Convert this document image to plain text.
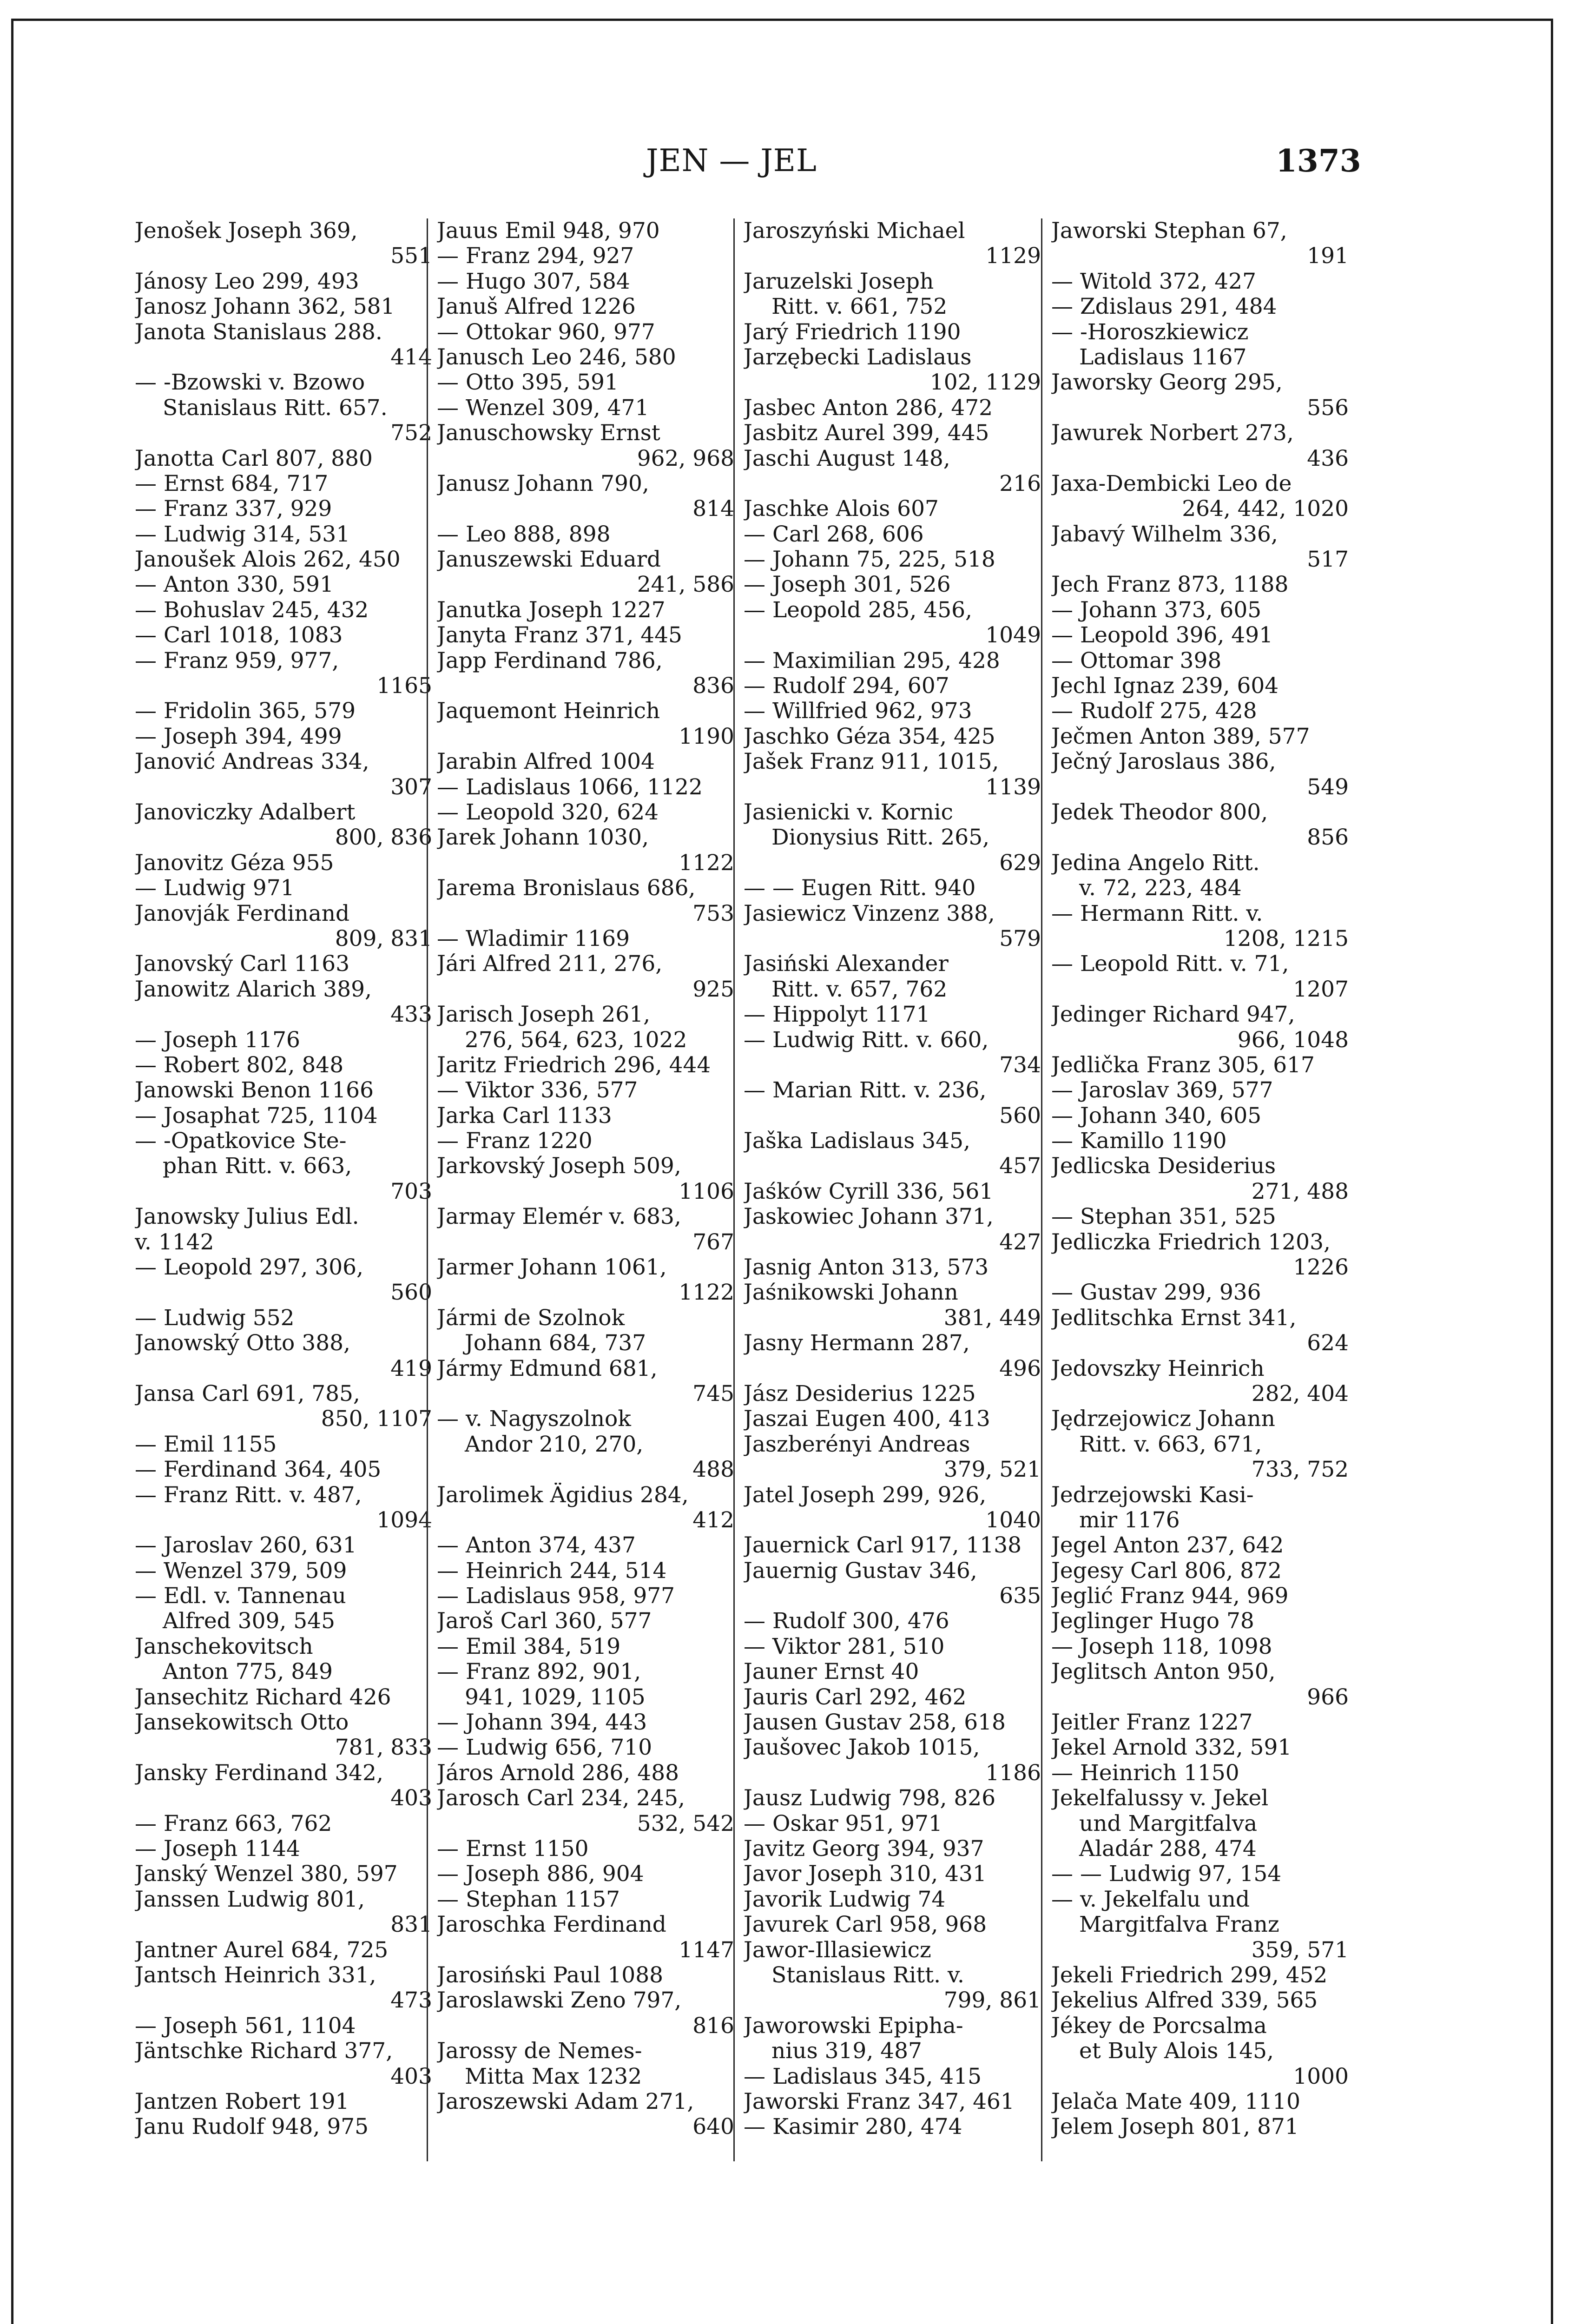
JEN — JEL	1373
Jenošek Joseph 369,
551
Jánosy Leo 299, 493
Janosz Johann 362, 581
Janota Stanislaus 288.
414
— -Bzowski v. Bzowo
Stanislaus Ritt. 657.
752
Janotta Carl 807, 880
— Ernst 684, 717
— Franz 337, 929
— Ludwig 314, 531
Janoušek Alois 262, 450
— Anton 330, 591
— Bohuslav 245, 432
— Carl 1018, 1083
— Franz 959, 977,
1165
— Fridolin 365, 579
— Joseph 394, 499
Janović Andreas 334,
307
Janoviczky Adalbert
800, 836
Janovitz Géza 955
— Ludwig 971
Janovják Ferdinand
809, 831
Janovský Carl 1163
Janowitz Alarich 389,
433
— Joseph 1176
— Robert 802, 848
Janowski Benon 1166
— Josaphat 725, 1104
— -Opatkovice Ste-
phan Ritt. v. 663,
703
Janowsky Julius Edl.
v. 1142
— Leopold 297, 306,
560
— Ludwig 552
Janowský Otto 388,
419
Jansa Carl 691, 785,
850, 1107
— Emil 1155
— Ferdinand 364, 405
— Franz Ritt. v. 487,
1094
— Jaroslav 260, 631
— Wenzel 379, 509
— Edl. v. Tannenau
Alfred 309, 545
Janschekovitsch
Anton 775, 849
Jansechitz Richard 426
Jansekowitsch Otto
781, 833
Jansky Ferdinand 342,
403
— Franz 663, 762
— Joseph 1144
Janský Wenzel 380, 597
Janssen Ludwig 801,
831
Jantner Aurel 684, 725
Jantsch Heinrich 331,
473
— Joseph 561, 1104
Jäntschke Richard 377,
403
Jantzen Robert 191
Janu Rudolf 948, 975
Jauus Emil 948, 970
— Franz 294, 927
— Hugo 307, 584
Januš Alfred 1226
— Ottokar 960, 977
Janusch Leo 246, 580
— Otto 395, 591
— Wenzel 309, 471
Januschowsky Ernst
962, 968
Janusz Johann 790,
814
— Leo 888, 898
Januszewski Eduard
241, 586
Janutka Joseph 1227
Janyta Franz 371, 445
Japp Ferdinand 786,
836
Jaquemont Heinrich
1190
Jarabin Alfred 1004
— Ladislaus 1066, 1122
— Leopold 320, 624
Jarek Johann 1030,
1122
Jarema Bronislaus 686,
753
— Wladimir 1169
Jári Alfred 211, 276,
925
Jarisch Joseph 261,
276, 564, 623, 1022
Jaritz Friedrich 296, 444
— Viktor 336, 577
Jarka Carl 1133
— Franz 1220
Jarkovský Joseph 509,
1106
Jarmay Elemér v. 683,
767
Jarmer Johann 1061,
1122
Jármi de Szolnok
Johann 684, 737
Jármy Edmund 681,
745
— v. Nagyszolnok
Andor 210, 270,
488
Jarolimek Ägidius 284,
412
— Anton 374, 437
— Heinrich 244, 514
— Ladislaus 958, 977
Jaroš Carl 360, 577
— Emil 384, 519
— Franz 892, 901,
941, 1029, 1105
— Johann 394, 443
— Ludwig 656, 710
Járos Arnold 286, 488
Jarosch Carl 234, 245,
532, 542
— Ernst 1150
— Joseph 886, 904
— Stephan 1157
Jaroschka Ferdinand
1147
Jarosiński Paul 1088
Jaroslawski Zeno 797,
816
Jarossy de Nemes-
Mitta Max 1232
Jaroszewski Adam 271,
640
Jaroszyński Michael
1129
Jaruzelski Joseph
Ritt. v. 661, 752
Jarý Friedrich 1190
Jarzębecki Ladislaus
102, 1129
Jasbec Anton 286, 472
Jasbitz Aurel 399, 445
Jaschi August 148,
216
Jaschke Alois 607
— Carl 268, 606
— Johann 75, 225, 518
— Joseph 301, 526
— Leopold 285, 456,
1049
— Maximilian 295, 428
— Rudolf 294, 607
— Willfried 962, 973
Jaschko Géza 354, 425
Jašek Franz 911, 1015,
1139
Jasienicki v. Kornic
Dionysius Ritt. 265,
629
— — Eugen Ritt. 940
Jasiewicz Vinzenz 388,
579
Jasiński Alexander
Ritt. v. 657, 762
— Hippolyt 1171
— Ludwig Ritt. v. 660,
734
— Marian Ritt. v. 236,
560
Jaška Ladislaus 345,
457
Jaśków Cyrill 336, 561
Jaskowiec Johann 371,
427
Jasnig Anton 313, 573
Jaśnikowski Johann
381, 449
Jasny Hermann 287,
496
Jász Desiderius 1225
Jaszai Eugen 400, 413
Jaszberényi Andreas
379, 521
Jatel Joseph 299, 926,
1040
Jauernick Carl 917, 1138
Jauernig Gustav 346,
635
— Rudolf 300, 476
— Viktor 281, 510
Jauner Ernst 40
Jauris Carl 292, 462
Jausen Gustav 258, 618
Jaušovec Jakob 1015,
1186
Jausz Ludwig 798, 826
— Oskar 951, 971
Javitz Georg 394, 937
Javor Joseph 310, 431
Javorik Ludwig 74
Javurek Carl 958, 968
Jawor-Illasiewicz
Stanislaus Ritt. v.
799, 861
Jaworowski Epipha-
nius 319, 487
— Ladislaus 345, 415
Jaworski Franz 347, 461
— Kasimir 280, 474
Jaworski Stephan 67,
191
— Witold 372, 427
— Zdislaus 291, 484
— -Horoszkiewicz
Ladislaus 1167
Jaworsky Georg 295,
556
Jawurek Norbert 273,
436
Jaxa-Dembicki Leo de
264, 442, 1020
Jabavý Wilhelm 336,
517
Jech Franz 873, 1188
— Johann 373, 605
— Leopold 396, 491
— Ottomar 398
Jechl Ignaz 239, 604
— Rudolf 275, 428
Ječmen Anton 389, 577
Ječný Jaroslaus 386,
549
Jedek Theodor 800,
856
Jedina Angelo Ritt.
v. 72, 223, 484
— Hermann Ritt. v.
1208, 1215
— Leopold Ritt. v. 71,
1207
Jedinger Richard 947,
966, 1048
Jedlička Franz 305, 617
— Jaroslav 369, 577
— Johann 340, 605
— Kamillo 1190
Jedlicska Desiderius
271, 488
— Stephan 351, 525
Jedliczka Friedrich 1203,
1226
— Gustav 299, 936
Jedlitschka Ernst 341,
624
Jedovszky Heinrich
282, 404
Jędrzejowicz Johann
Ritt. v. 663, 671,
733, 752
Jedrzejowski Kasi-
mir 1176
Jegel Anton 237, 642
Jegesy Carl 806, 872
Jeglić Franz 944, 969
Jeglinger Hugo 78
— Joseph 118, 1098
Jeglitsch Anton 950,
966
Jeitler Franz 1227
Jekel Arnold 332, 591
— Heinrich 1150
Jekelfalussy v. Jekel
und Margitfalva
Aladár 288, 474
— — Ludwig 97, 154
— v. Jekelfalu und
Margitfalva Franz
359, 571
Jekeli Friedrich 299, 452
Jekelius Alfred 339, 565
Jékey de Porcsalma
et Buly Alois 145,
1000
Jelača Mate 409, 1110
Jelem Joseph 801, 871
